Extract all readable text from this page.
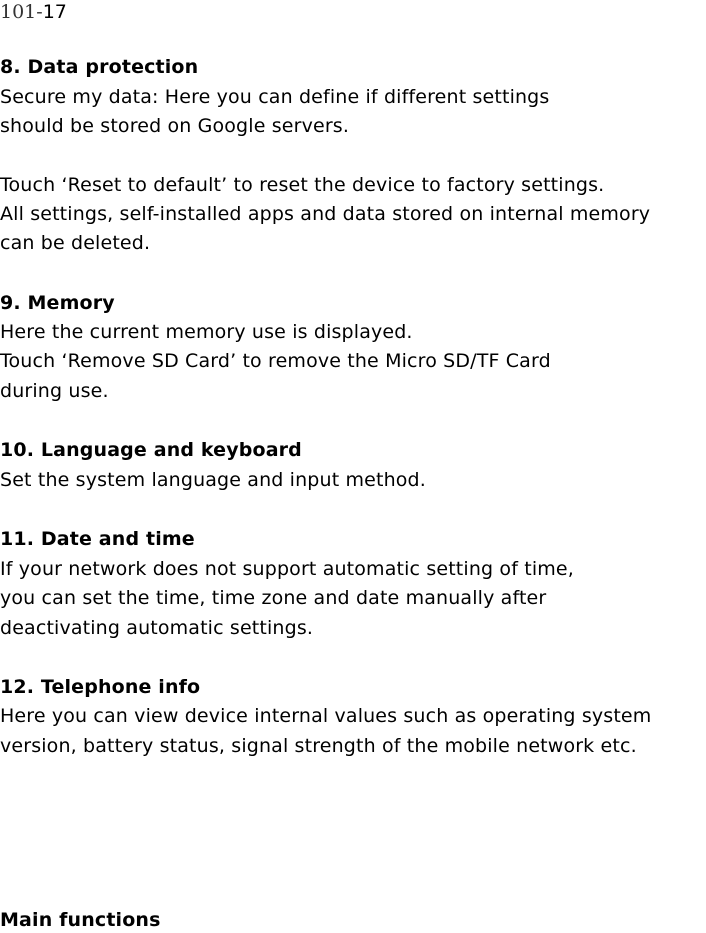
101-17
8. Data protection
Secure my data: Here you can define if different settings
should be stored on Google servers.
Touch ‘Reset to default’ to reset the device to factory settings.
All settings, self-installed apps and data stored on internal memory
can be deleted.
9. Memory
Here the current memory use is displayed.
Touch ‘Remove SD Card’ to remove the Micro SD/TF Card
during use.
10. Language and keyboard
Set the system language and input method.
11. Date and time
If your network does not support automatic setting of time,
you can set the time, time zone and date manually after
deactivating automatic settings.
12. Telephone info
Here you can view device internal values such as operating system
version, battery status, signal strength of the mobile network etc.
Main functions
